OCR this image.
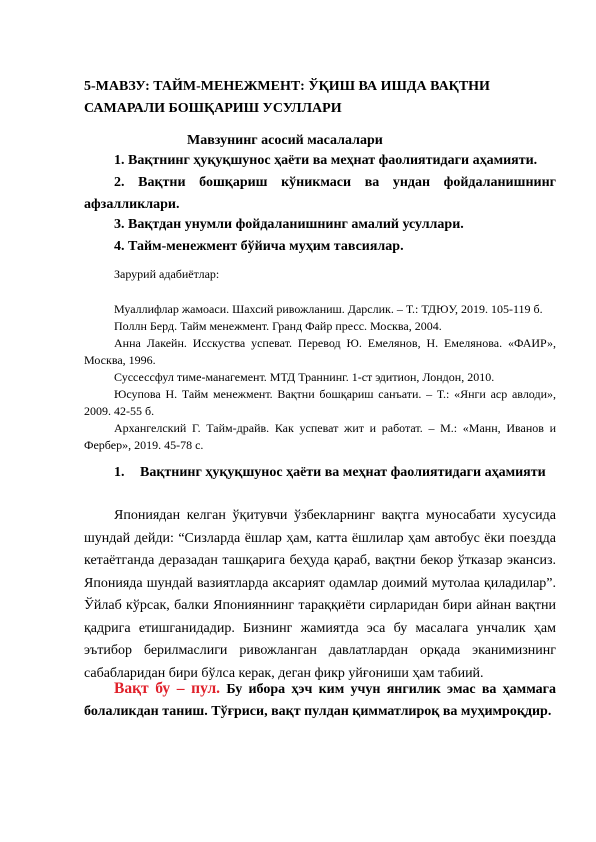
5-МАВЗУ: ТАЙМ-МЕНЕЖМЕНТ: ЎҚИШ ВА ИШДА ВАҚТНИ САМАРАЛИ БОШҚАРИШ УСУЛЛАРИ
Мавзунинг асосий масалалари
1. Вақтнинг ҳуқуқшунос ҳаёти ва меҳнат фаолиятидаги аҳамияти.
2. Вақтни бошқариш кўникмаси ва ундан фойдаланишнинг афзалликлари.
3. Вақтдан унумли фойдаланишнинг амалий усуллари.
4. Тайм-менежмент бўйича муҳим тавсиялар.
Зарурий адабиётлар:
Муаллифлар жамоаси. Шахсий ривожланиш. Дарслик. – Т.: ТДЮУ, 2019. 105-119 б.
Поллн Берд. Тайм менежмент. Гранд Файр пресс. Москва, 2004.
Анна Лакейн. Исскуства успеват. Перевод Ю. Емелянов, Н. Емелянова. «ФАИР», Москва, 1996.
Суссессфул тиме-манагемент. МТД Траннинг. 1-ст эдитион, Лондон, 2010.
Юсупова Н. Тайм менежмент. Вақтни бошқариш санъати. – Т.: «Янги аср авлоди», 2009. 42-55 б.
Архангелский Г. Тайм-драйв. Как успеват жит и работат. – М.: «Манн, Иванов и Фербер», 2019. 45-78 с.
1. Вақтнинг ҳуқуқшунос ҳаёти ва меҳнат фаолиятидаги аҳамияти
Япониядан келган ўқитувчи ўзбекларнинг вақтга муносабати хусусида шундай дейди: “Сизларда ёшлар ҳам, катта ёшлилар ҳам автобус ёки поездда кетаётганда деразадан ташқарига беҳуда қараб, вақтни бекор ўтказар экансиз. Японияда шундай вазиятларда аксарият одамлар доимий мутолаа қиладилар”. Ўйлаб кўрсак, балки Японияннинг тараққиёти сирларидан бири айнан вақтни қадрига етишганидадир. Бизнинг жамиятда эса бу масалага унчалик ҳам эътибор берилмаслиги ривожланган давлатлардан орқада эканимизнинг сабабларидан бири бўлса керак, деган фикр уйғониши ҳам табиий.
Вақт бу – пул. Бу ибора ҳэч ким учун янгилик эмас ва ҳаммага болаликдан таниш. Тўғриси, вақт пулдан қимматлироқ ва муҳимроқдир.
